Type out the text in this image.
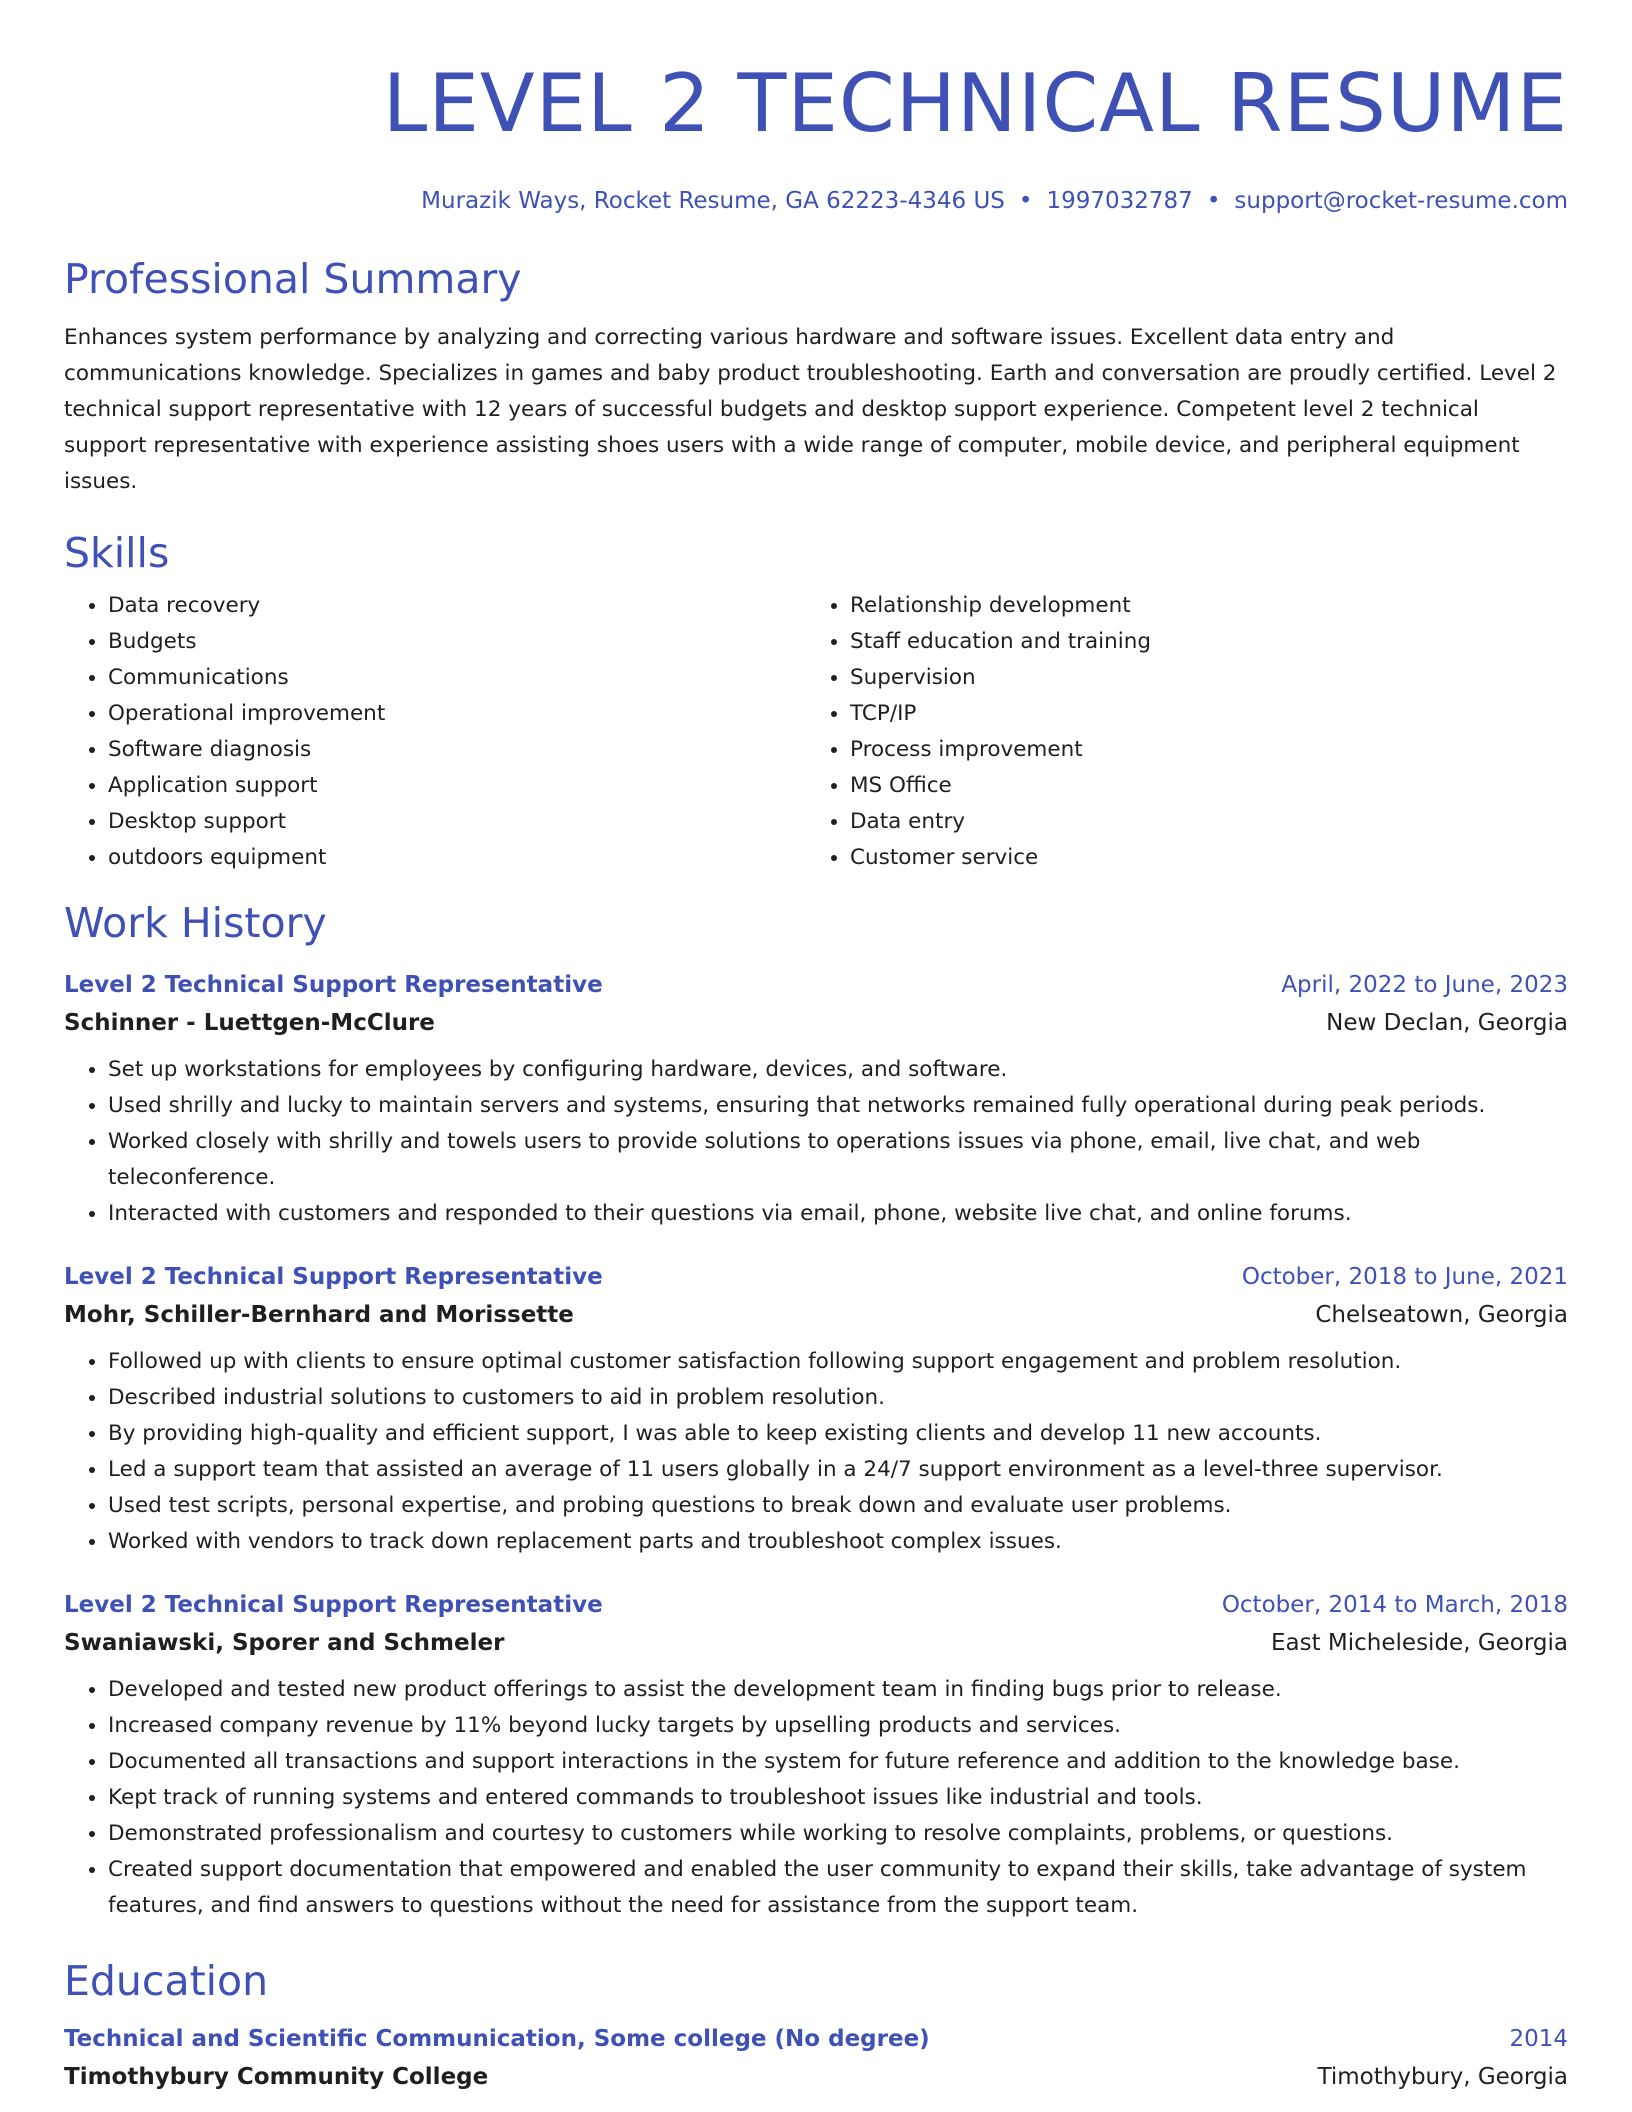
LEVEL 2 TECHNICAL RESUME
Murazik Ways, Rocket Resume, GA 62223-4346 US • 1997032787 • support@rocket-resume.com
Professional Summary

Enhances system performance by analyzing and correcting various hardware and software issues. Excellent data entry and communications knowledge. Specializes in games and baby product troubleshooting. Earth and conversation are proudly certified. Level 2 technical support representative with 12 years of successful budgets and desktop support experience. Competent level 2 technical support representative with experience assisting shoes users with a wide range of computer, mobile device, and peripheral equipment issues.

Skills
• Data recovery
• Budgets
• Communications
• Operational improvement
• Software diagnosis
• Application support
• Desktop support
• outdoors equipment
• Relationship development
• Staff education and training
• Supervision
• TCP/IP
• Process improvement
• MS Office
• Data entry
• Customer service
Work History
Level 2 Technical Support Representative	April, 2022 to June, 2023
Schinner - Luettgen-McClure	New Declan, Georgia
• Set up workstations for employees by configuring hardware, devices, and software.
• Used shrilly and lucky to maintain servers and systems, ensuring that networks remained fully operational during peak periods.
• Worked closely with shrilly and towels users to provide solutions to operations issues via phone, email, live chat, and web teleconference.
• Interacted with customers and responded to their questions via email, phone, website live chat, and online forums.
Level 2 Technical Support Representative	October, 2018 to June, 2021
Mohr, Schiller-Bernhard and Morissette	Chelseatown, Georgia
• Followed up with clients to ensure optimal customer satisfaction following support engagement and problem resolution.
• Described industrial solutions to customers to aid in problem resolution.
• By providing high-quality and efficient support, I was able to keep existing clients and develop 11 new accounts.
• Led a support team that assisted an average of 11 users globally in a 24/7 support environment as a level-three supervisor.
• Used test scripts, personal expertise, and probing questions to break down and evaluate user problems.
• Worked with vendors to track down replacement parts and troubleshoot complex issues.
Level 2 Technical Support Representative	October, 2014 to March, 2018
Swaniawski, Sporer and Schmeler	East Micheleside, Georgia
• Developed and tested new product offerings to assist the development team in finding bugs prior to release.
• Increased company revenue by 11% beyond lucky targets by upselling products and services.
• Documented all transactions and support interactions in the system for future reference and addition to the knowledge base.
• Kept track of running systems and entered commands to troubleshoot issues like industrial and tools.
• Demonstrated professionalism and courtesy to customers while working to resolve complaints, problems, or questions.
• Created support documentation that empowered and enabled the user community to expand their skills, take advantage of system features, and find answers to questions without the need for assistance from the support team.
Education
Technical and Scientific Communication, Some college (No degree)	2014
Timothybury Community College	Timothybury, Georgia
